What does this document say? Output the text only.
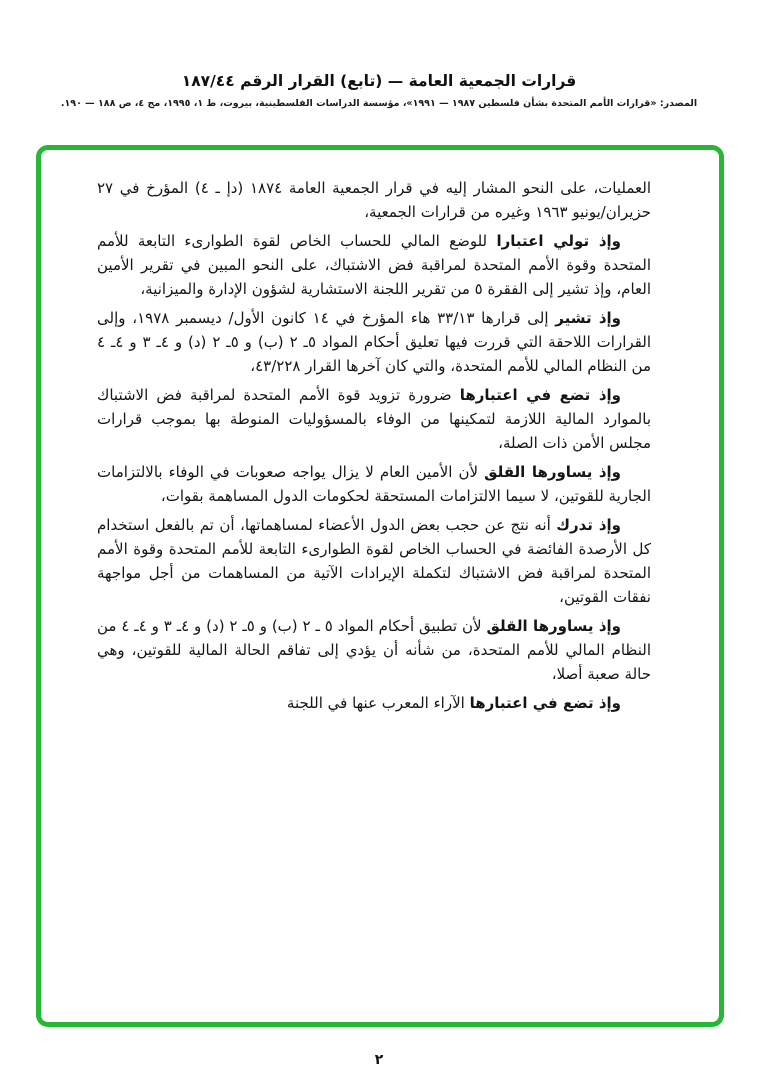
قرارات الجمعية العامة — (تابع) القرار الرقم ١٨٧/٤٤
المصدر: «قرارات الأمم المتحدة بشأن فلسطين ١٩٨٧ — ١٩٩١»، مؤسسة الدراسات الفلسطينية، بيروت، ط ١، ١٩٩٥، مج ٤، ص ١٨٨ — ١٩٠.

العمليات، على النحو المشار إليه في قرار الجمعية العامة ١٨٧٤ (دإ ـ ٤) المؤرخ في ٢٧ حزيران/يونيو ١٩٦٣ وغيره من قرارات الجمعية،

وإذ تولي اعتبارا للوضع المالي للحساب الخاص لقوة الطوارىء التابعة للأمم المتحدة وقوة الأمم المتحدة لمراقبة فض الاشتباك، على النحو المبين في تقرير الأمين العام، وإذ تشير إلى الفقرة ٥ من تقرير اللجنة الاستشارية لشؤون الإدارة والميزانية،

وإذ تشير إلى قرارها ٣٣/١٣ هاء المؤرخ في ١٤ كانون الأول/ ديسمبر ١٩٧٨، وإلى القرارات اللاحقة التي قررت فيها تعليق أحكام المواد ٥ـ ٢ (ب) و ٥ـ ٢ (د) و ٤ـ ٣ و ٤ـ ٤ من النظام المالي للأمم المتحدة، والتي كان آخرها القرار ٤٣/٢٢٨،

وإذ تضع في اعتبارها ضرورة تزويد قوة الأمم المتحدة لمراقبة فض الاشتباك بالموارد المالية اللازمة لتمكينها من الوفاء بالمسؤوليات المنوطة بها بموجب قرارات مجلس الأمن ذات الصلة،

وإذ يساورها القلق لأن الأمين العام لا يزال يواجه صعوبات في الوفاء بالالتزامات الجارية للقوتين، لا سيما الالتزامات المستحقة لحكومات الدول المساهمة بقوات،

وإذ تدرك أنه نتج عن حجب بعض الدول الأعضاء لمساهماتها، أن تم بالفعل استخدام كل الأرصدة الفائضة في الحساب الخاص لقوة الطوارىء التابعة للأمم المتحدة وقوة الأمم المتحدة لمراقبة فض الاشتباك لتكملة الإيرادات الآتية من المساهمات من أجل مواجهة نفقات القوتين،

وإذ يساورها القلق لأن تطبيق أحكام المواد ٥ ـ ٢ (ب) و ٥ـ ٢ (د) و ٤ـ ٣ و ٤ـ ٤ من النظام المالي للأمم المتحدة، من شأنه أن يؤدي إلى تفاقم الحالة المالية للقوتين، وهي حالة صعبة أصلا،

وإذ تضع في اعتبارها الآراء المعرب عنها في اللجنة

٢
